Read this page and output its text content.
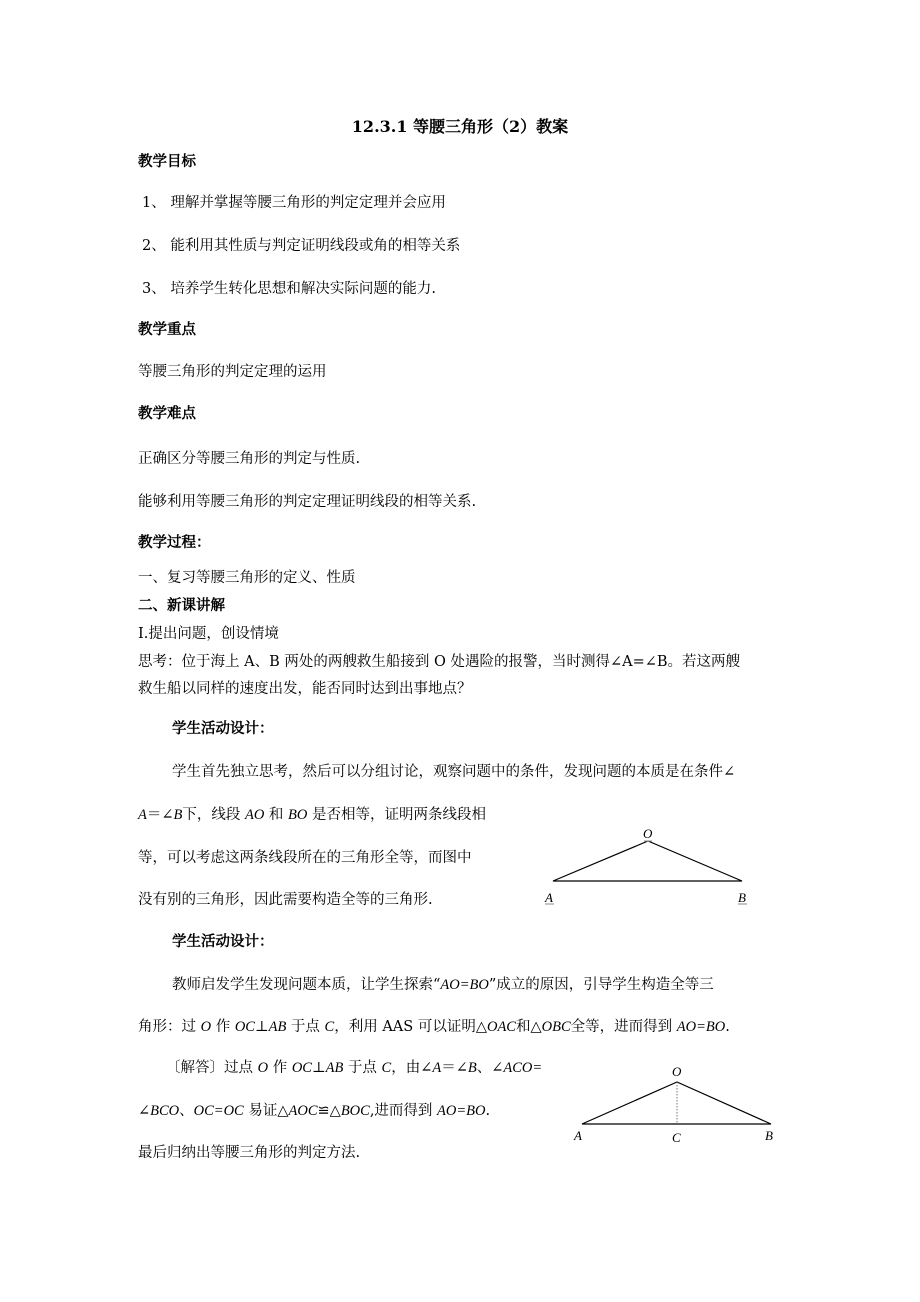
12.3.1 等腰三角形（2）教案
教学目标
1、 理解并掌握等腰三角形的判定定理并会应用
2、 能利用其性质与判定证明线段或角的相等关系
3、 培养学生转化思想和解决实际问题的能力.
教学重点
等腰三角形的判定定理的运用
教学难点
正确区分等腰三角形的判定与性质.
能够利用等腰三角形的判定定理证明线段的相等关系.
教学过程：
一、复习等腰三角形的定义、性质
二、新课讲解
I.提出问题，创设情境
思考：位于海上 A、B 两处的两艘救生船接到 O 处遇险的报警，当时测得∠A=∠B。若这两艘
救生船以同样的速度出发，能否同时达到出事地点？
学生活动设计：
学生首先独立思考，然后可以分组讨论，观察问题中的条件，发现问题的本质是在条件∠
A＝∠B下，线段 AO 和 BO 是否相等，证明两条线段相
等，可以考虑这两条线段所在的三角形全等，而图中
没有别的三角形，因此需要构造全等的三角形.
学生活动设计：
教师启发学生发现问题本质，让学生探索“AO=BO”成立的原因，引导学生构造全等三
角形：过 O 作 OC⊥AB 于点 C，利用 AAS 可以证明△OAC和△OBC全等，进而得到 AO=BO.
〔解答〕过点 O 作 OC⊥AB 于点 C，由∠A＝∠B、∠ACO=
∠BCO、OC=OC 易证△AOC≌△BOC,进而得到 AO=BO.
最后归纳出等腰三角形的判定方法.
O
A	B
O
A	C	B
